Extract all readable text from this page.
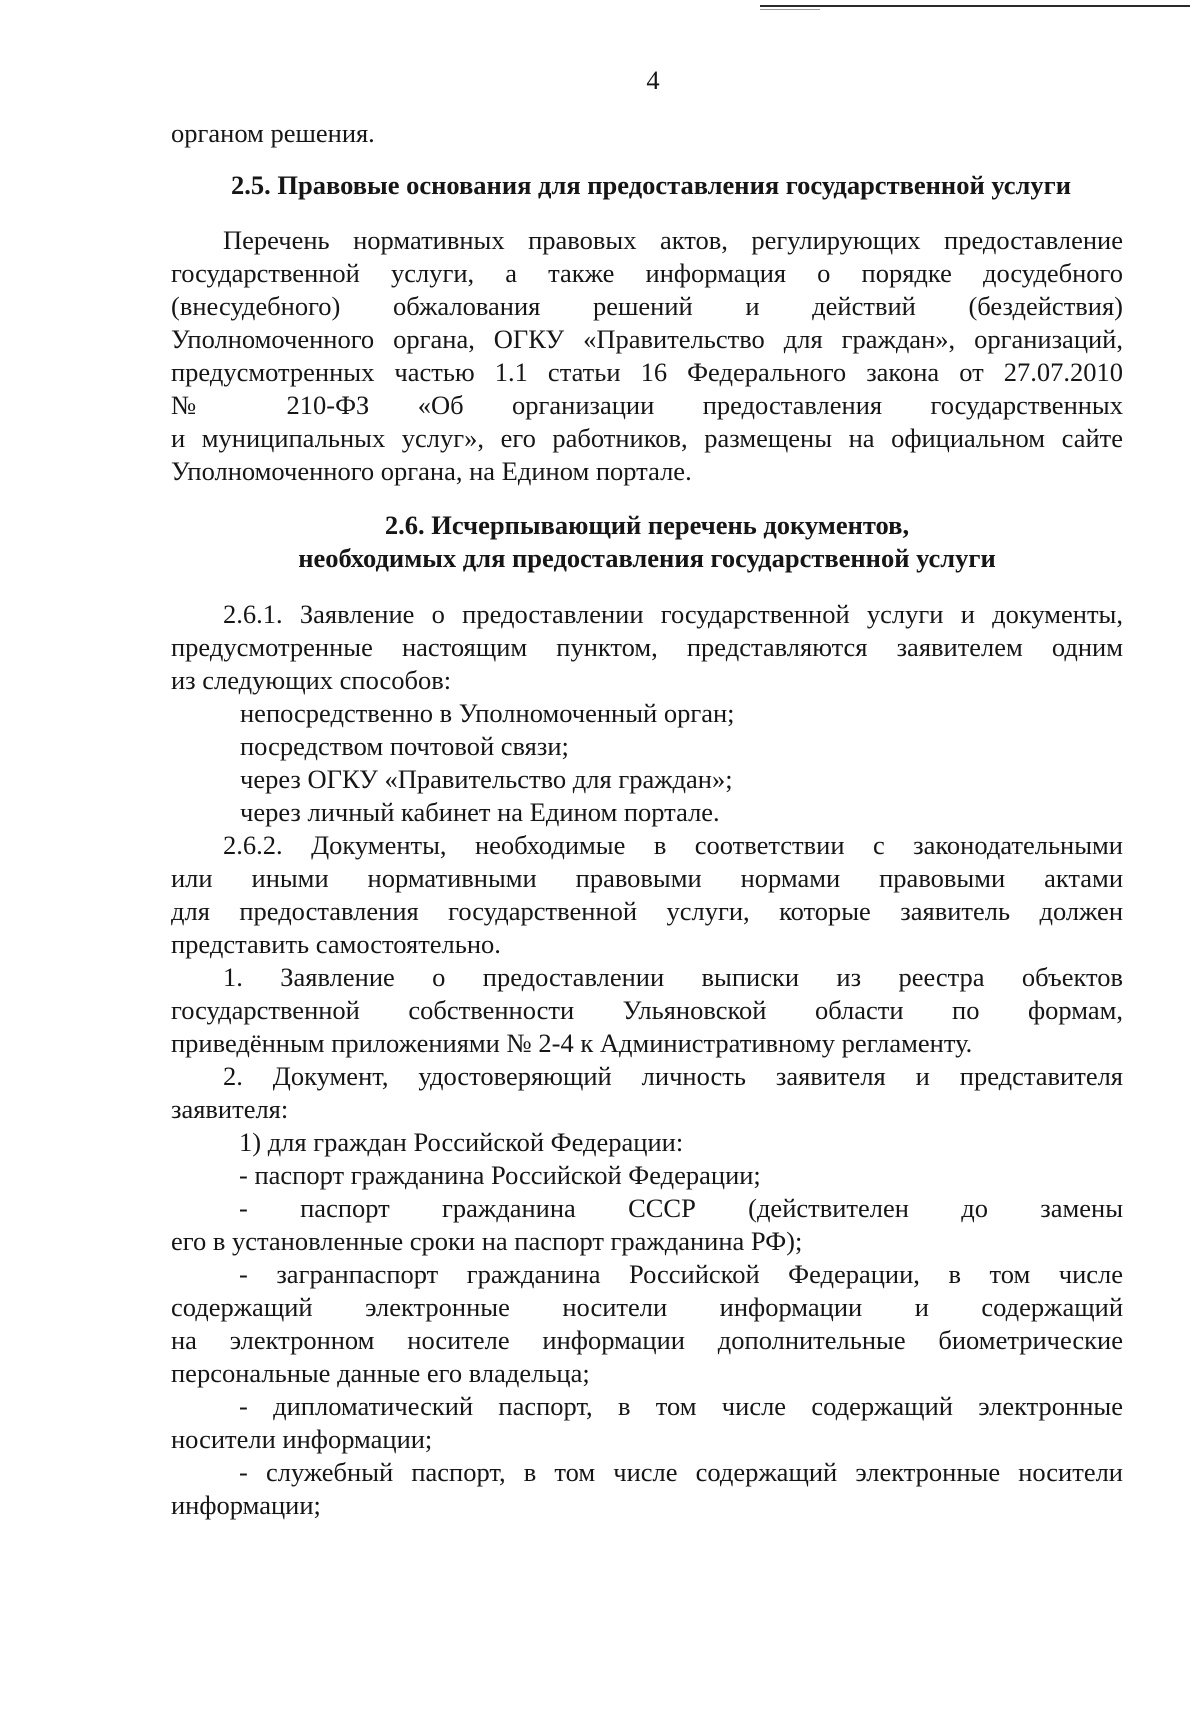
4

органом решения.

2.5. Правовые основания для предоставления государственной услуги

Перечень нормативных правовых актов, регулирующих предоставление

государственной услуги, а также информация о порядке досудебного

(внесудебного) обжалования решений и действий (бездействия)

Уполномоченного органа, ОГКУ «Правительство для граждан», организаций,

предусмотренных частью 1.1 статьи 16 Федерального закона от 27.07.2010

№ 210-ФЗ «Об организации предоставления государственных

и муниципальных услуг», его работников, размещены на официальном сайте

Уполномоченного органа, на Едином портале.

2.6. Исчерпывающий перечень документов,
необходимых для предоставления государственной услуги

2.6.1. Заявление о предоставлении государственной услуги и документы,

предусмотренные настоящим пунктом, представляются заявителем одним

из следующих способов:

непосредственно в Уполномоченный орган;

посредством почтовой связи;

через ОГКУ «Правительство для граждан»;

через личный кабинет на Едином портале.

2.6.2. Документы, необходимые в соответствии с законодательными

или иными нормативными правовыми нормами правовыми актами

для предоставления государственной услуги, которые заявитель должен

представить самостоятельно.

1. Заявление о предоставлении выписки из реестра объектов

государственной собственности Ульяновской области по формам,

приведённым приложениями № 2-4 к Административному регламенту.

2. Документ, удостоверяющий личность заявителя и представителя

заявителя:

1) для граждан Российской Федерации:

- паспорт гражданина Российской Федерации;

- паспорт гражданина СССР (действителен до замены

его в установленные сроки на паспорт гражданина РФ);

- загранпаспорт гражданина Российской Федерации, в том числе

содержащий электронные носители информации и содержащий

на электронном носителе информации дополнительные биометрические

персональные данные его владельца;

- дипломатический паспорт, в том числе содержащий электронные

носители информации;

- служебный паспорт, в том числе содержащий электронные носители

информации;
